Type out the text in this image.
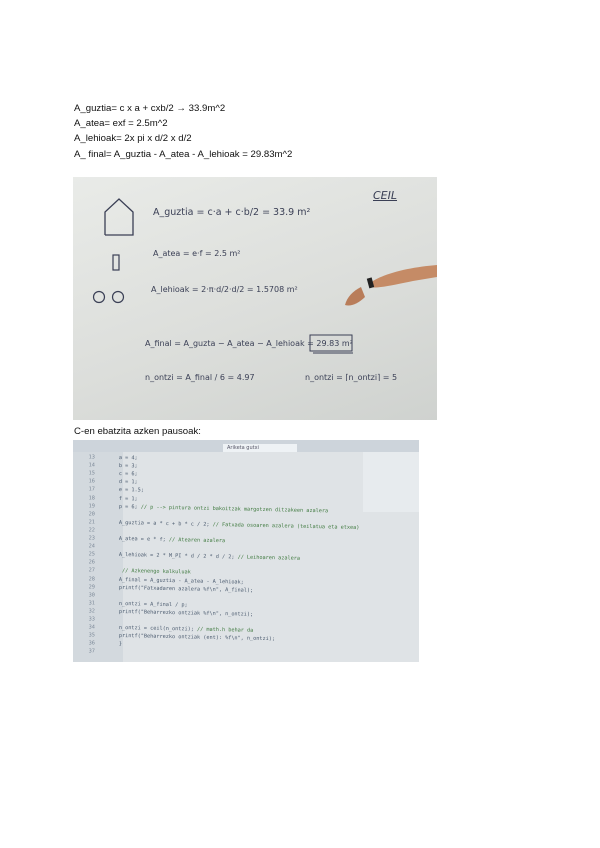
A_guztia= c x a + cxb/2 → 33.9m^2
A_atea= exf = 2.5m^2
A_lehioak= 2x pi x d/2 x d/2
A_ final= A_guztia - A_atea - A_lehioak = 29.83m^2
CEIL
A_guztia = c·a + c·b/2 = 33.9 m²
A_atea = e·f = 2.5 m²
A_lehioak = 2·π·d/2·d/2 = 1.5708 m²
A_final = A_guzta − A_atea − A_lehioak = 29.83 m²
n_ontzi = A_final / 6 = 4.97	n_ontzi = ⌈n_ontzi⌉ = 5
C-en ebatzita azken pausoak:
Ariketa gutxi
13	a = 4;
14	b = 3;
15	c = 6;
16	d = 1;
17	e = 1.5;
18	f = 1;
19	p = 6; // p --> pintura ontzi bakoitzak margotzen ditzakeen azalera
20
21	A_guztia = a * c + b * c / 2; // Fatxada osoaren azalera (teilatua eta etxea)
22
23	A_atea = e * f; // Atearen azalera
24
25	A_lehioak = 2 * M_PI * d / 2 * d / 2; // Leihoaren azalera
26
27	// Azkenengo kalkuluak
28	A_final = A_guztia - A_atea - A_lehioak;
29	printf("Fatxadaren azalera %f\n", A_final);
30
31	n_ontzi = A_final / p;
32	printf("Beharrezko ontziak %f\n", n_ontzi);
33
34	n_ontzi = ceil(n_ontzi); // math.h behar da
35	printf("Beharrezko ontziak (ent): %f\n", n_ontzi);
36	}
37
